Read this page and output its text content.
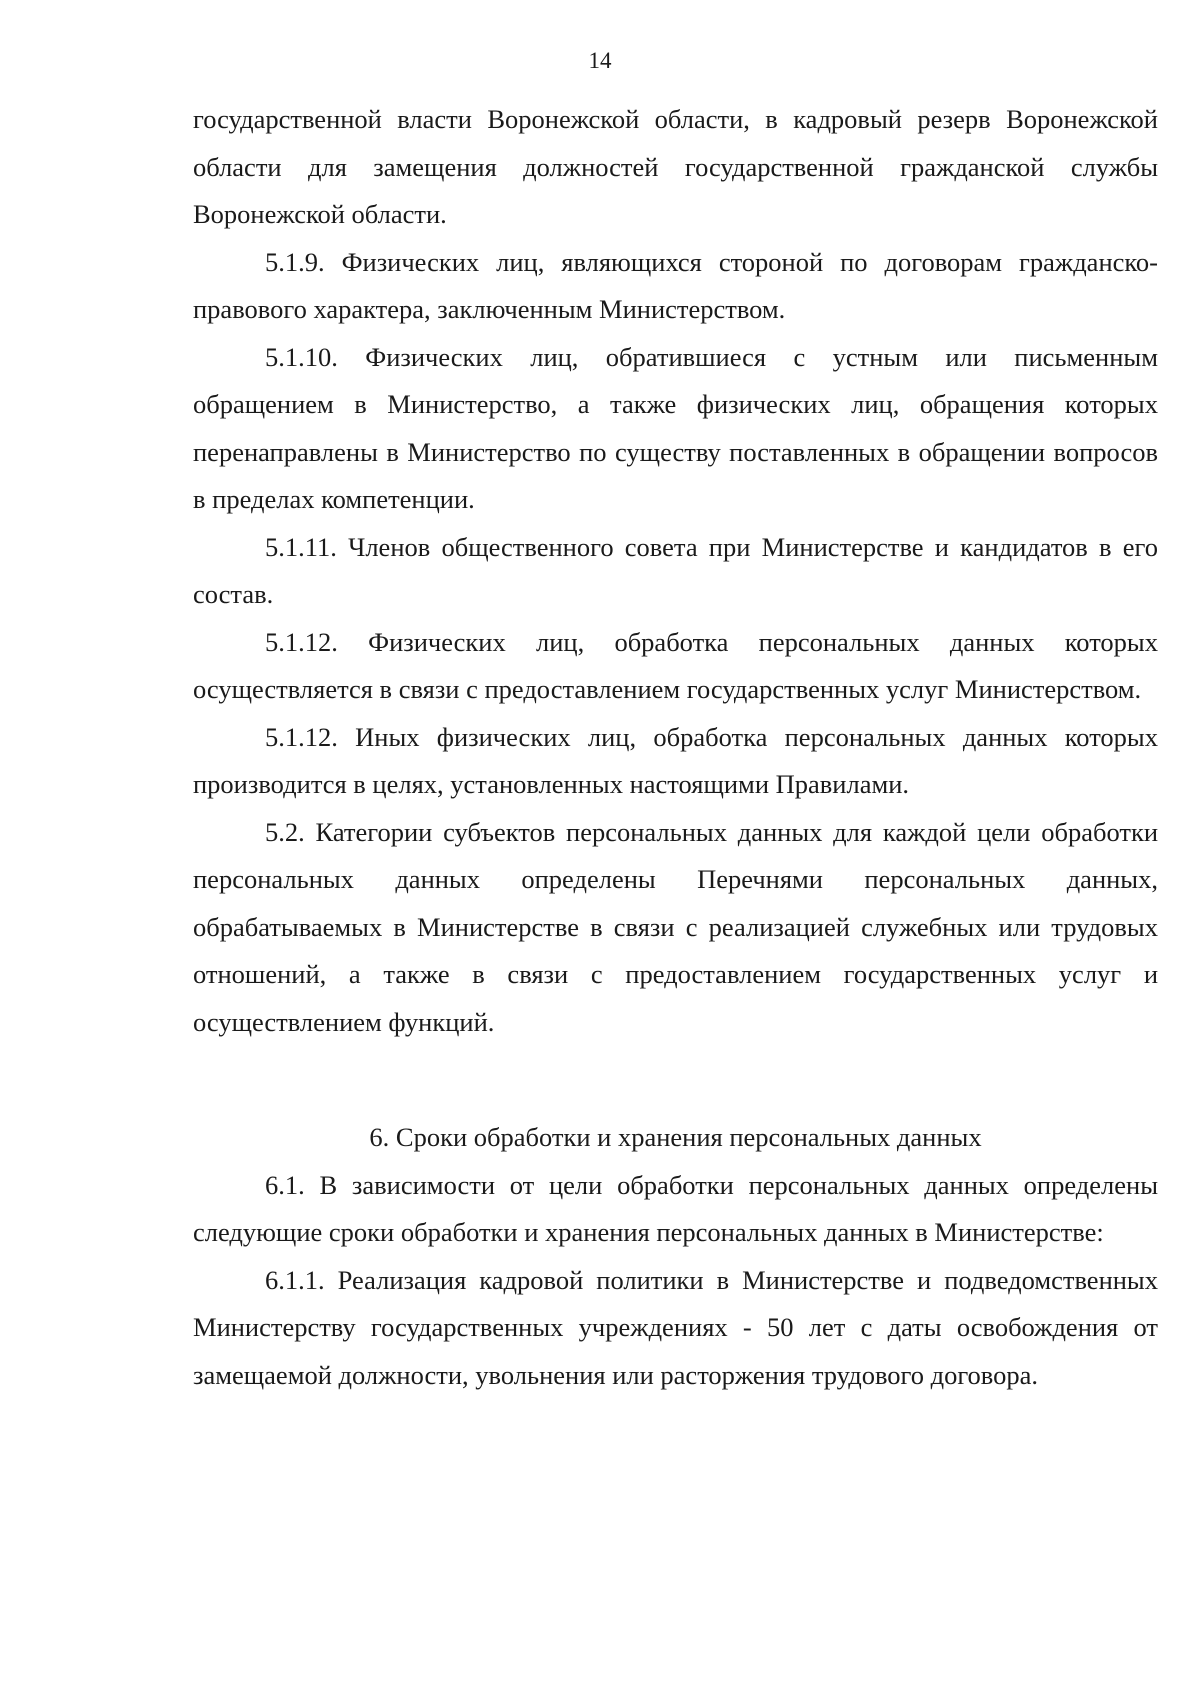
14

государственной власти Воронежской области, в кадровый резерв Воронежской области для замещения должностей государственной гражданской службы Воронежской области.

5.1.9. Физических лиц, являющихся стороной по договорам гражданско-правового характера, заключенным Министерством.

5.1.10. Физических лиц, обратившиеся с устным или письменным обращением в Министерство, а также физических лиц, обращения которых перенаправлены в Министерство по существу поставленных в обращении вопросов в пределах компетенции.

5.1.11. Членов общественного совета при Министерстве и кандидатов в его состав.

5.1.12. Физических лиц, обработка персональных данных которых осуществляется в связи с предоставлением государственных услуг Министерством.

5.1.12. Иных физических лиц, обработка персональных данных которых производится в целях, установленных настоящими Правилами.

5.2. Категории субъектов персональных данных для каждой цели обработки персональных данных определены Перечнями персональных данных, обрабатываемых в Министерстве в связи с реализацией служебных или трудовых отношений, а также в связи с предоставлением государственных услуг и осуществлением функций.

6. Сроки обработки и хранения персональных данных

6.1. В зависимости от цели обработки персональных данных определены следующие сроки обработки и хранения персональных данных в Министерстве:

6.1.1. Реализация кадровой политики в Министерстве и подведомственных Министерству государственных учреждениях - 50 лет с даты освобождения от замещаемой должности, увольнения или расторжения трудового договора.
